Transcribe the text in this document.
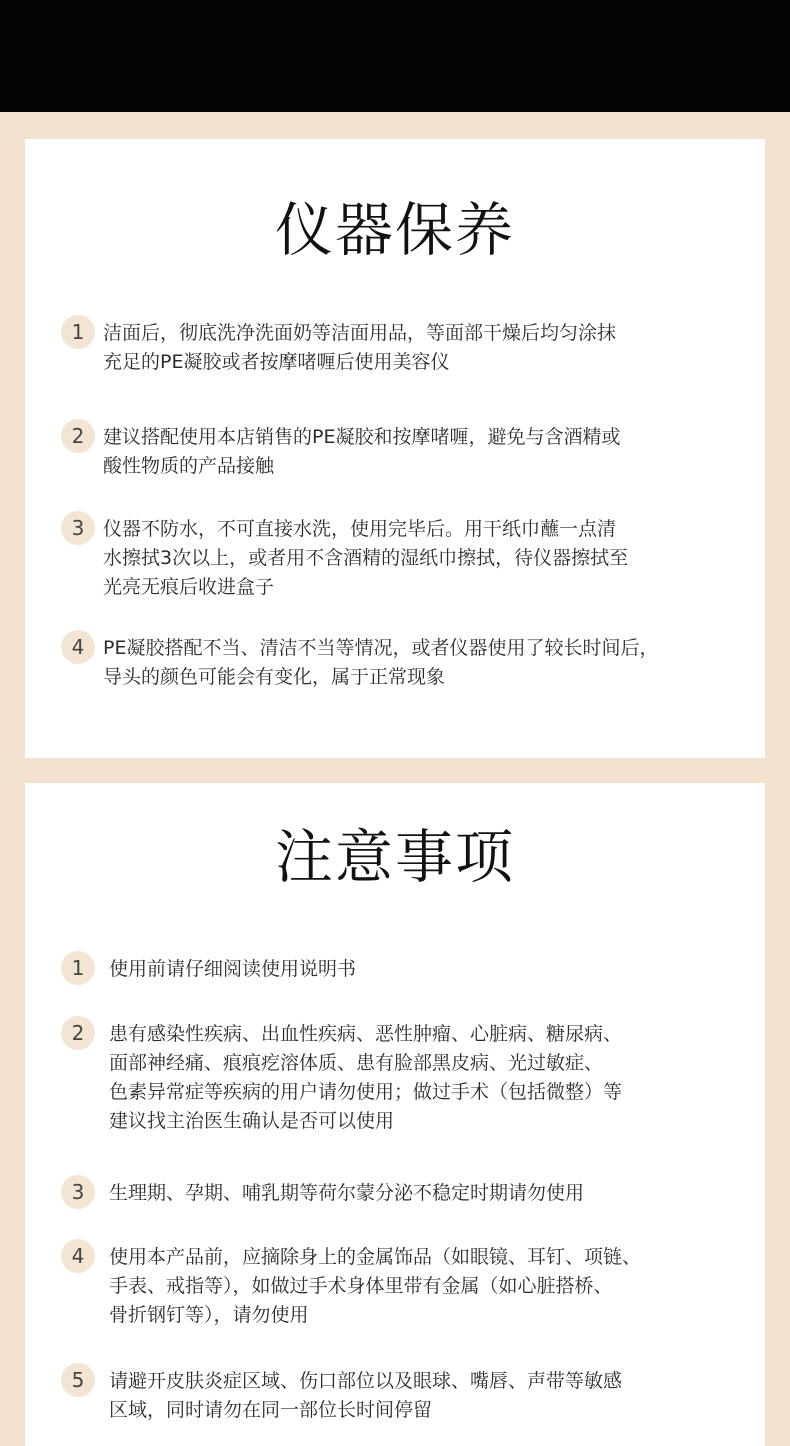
仪器保养
1 洁面后，彻底洗净洗面奶等洁面用品，等面部干燥后均匀涂抹
充足的PE凝胶或者按摩啫喱后使用美容仪
2 建议搭配使用本店销售的PE凝胶和按摩啫喱，避免与含酒精或
酸性物质的产品接触
3 仪器不防水，不可直接水洗，使用完毕后。用干纸巾蘸一点清
水擦拭3次以上，或者用不含酒精的湿纸巾擦拭，待仪器擦拭至
光亮无痕后收进盒子
4 PE凝胶搭配不当、清洁不当等情况，或者仪器使用了较长时间后，
导头的颜色可能会有变化，属于正常现象
注意事项
1	使用前请仔细阅读使用说明书
2	患有感染性疾病、出血性疾病、恶性肿瘤、心脏病、糖尿病、
面部神经痛、痕痕疙溶体质、患有脸部黑皮病、光过敏症、
色素异常症等疾病的用户请勿使用；做过手术（包括微整）等
建议找主治医生确认是否可以使用
3	生理期、孕期、哺乳期等荷尔蒙分泌不稳定时期请勿使用
4	使用本产品前，应摘除身上的金属饰品（如眼镜、耳钉、项链、
手表、戒指等），如做过手术身体里带有金属（如心脏搭桥、
骨折钢钉等），请勿使用
5	请避开皮肤炎症区域、伤口部位以及眼球、嘴唇、声带等敏感
区域，同时请勿在同一部位长时间停留
